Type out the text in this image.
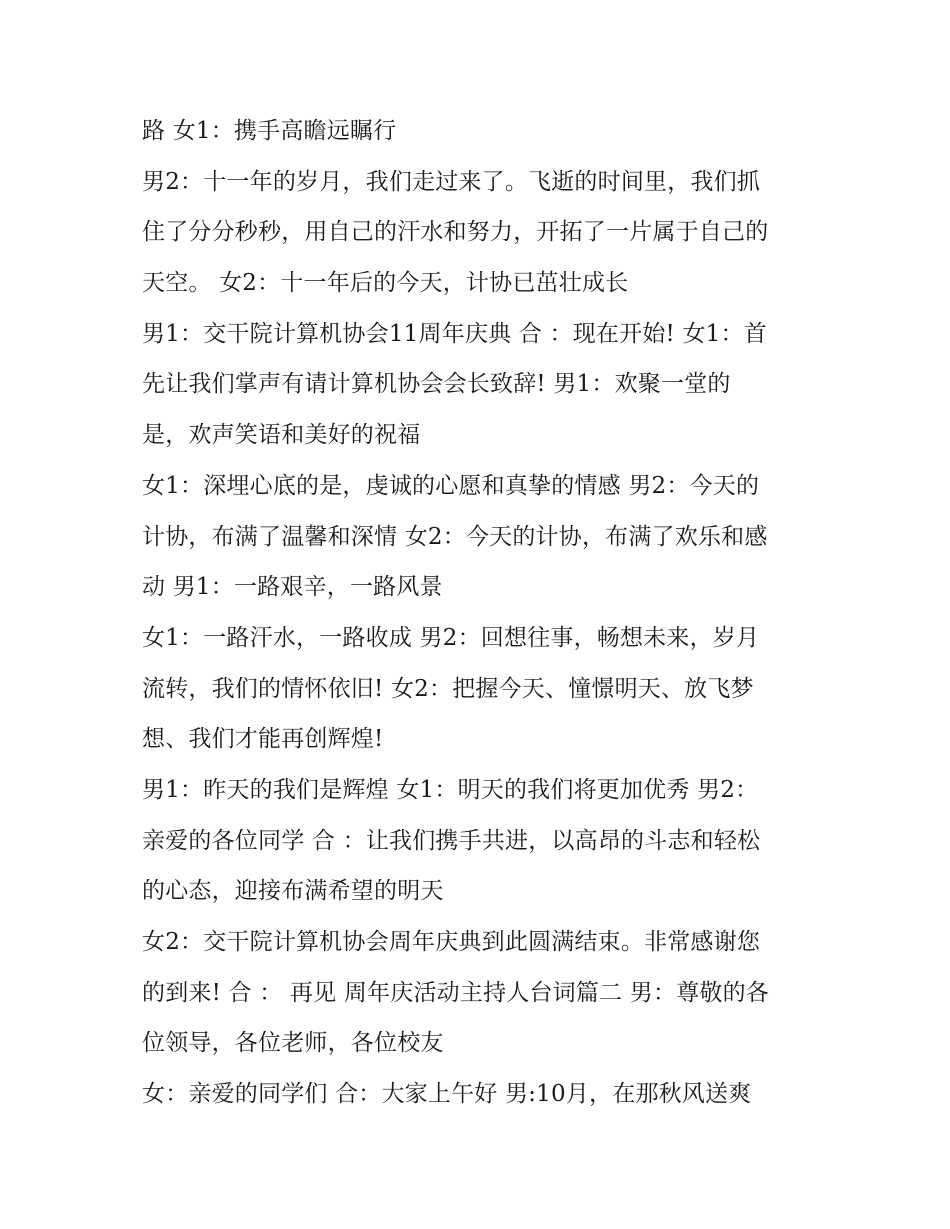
路 女1：携手高瞻远瞩行
男2：十一年的岁月，我们走过来了。飞逝的时间里，我们抓
住了分分秒秒，用自己的汗水和努力，开拓了一片属于自己的
天空。 女2：十一年后的今天，计协已茁壮成长
男1：交干院计算机协会11周年庆典 合 ：现在开始! 女1：首
先让我们掌声有请计算机协会会长致辞! 男1：欢聚一堂的
是，欢声笑语和美好的祝福
女1：深埋心底的是，虔诚的心愿和真挚的情感 男2：今天的
计协，布满了温馨和深情 女2：今天的计协，布满了欢乐和感
动 男1：一路艰辛，一路风景
女1：一路汗水，一路收成 男2：回想往事，畅想未来，岁月
流转，我们的情怀依旧! 女2：把握今天、憧憬明天、放飞梦
想、我们才能再创辉煌!
男1：昨天的我们是辉煌 女1：明天的我们将更加优秀 男2：
亲爱的各位同学 合 ：让我们携手共进，以高昂的斗志和轻松
的心态，迎接布满希望的明天
女2：交干院计算机协会周年庆典到此圆满结束。非常感谢您
的到来! 合 ： 再见 周年庆活动主持人台词篇二 男：尊敬的各
位领导，各位老师，各位校友
女：亲爱的同学们 合：大家上午好 男:10月，在那秋风送爽
